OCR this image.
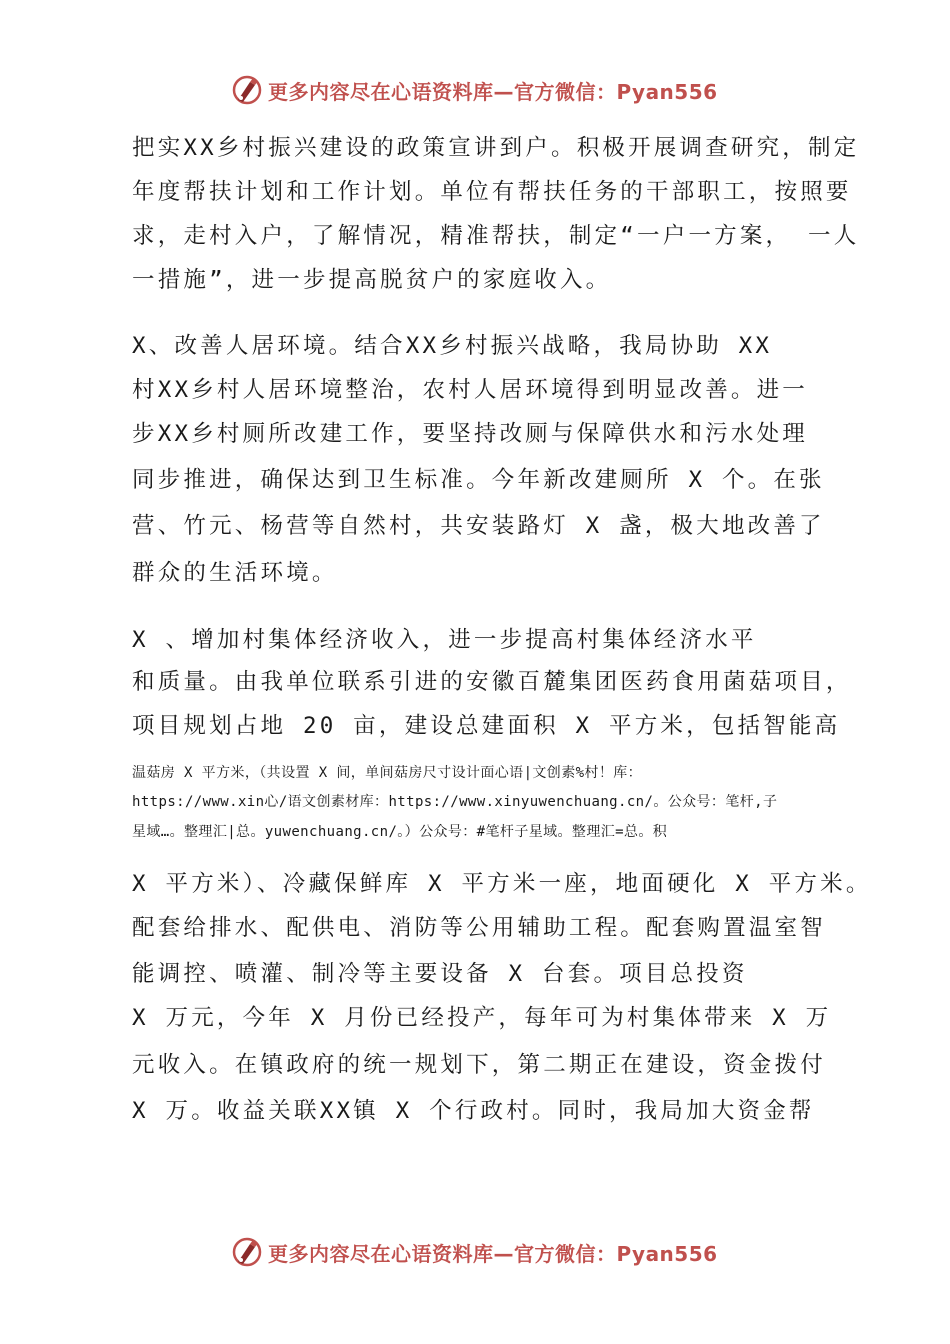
更多内容尽在心语资料库—官方微信：Pyan556
把实XX乡村振兴建设的政策宣讲到户。积极开展调查研究，制定
年度帮扶计划和工作计划。单位有帮扶任务的干部职工，按照要
求，走村入户，了解情况，精准帮扶，制定“一户一方案， 一人
一措施”，进一步提高脱贫户的家庭收入。
X、改善人居环境。结合XX乡村振兴战略，我局协助 XX
村XX乡村人居环境整治，农村人居环境得到明显改善。进一
步XX乡村厕所改建工作，要坚持改厕与保障供水和污水处理
同步推进，确保达到卫生标准。今年新改建厕所 X 个。在张
营、竹元、杨营等自然村，共安装路灯 X 盏，极大地改善了
群众的生活环境。
X 、增加村集体经济收入，进一步提高村集体经济水平
和质量。由我单位联系引进的安徽百麓集团医药食用菌菇项目，
项目规划占地 20 亩，建设总建面积 X 平方米，包括智能高
温菇房 X 平方米，（共设置 X 间，单间菇房尺寸设计面心语|文创素%村！库：
https://www.xin心/语文创素材库：https://www.xinyuwenchuang.cn/。公众号：笔杆,子
星域…。整理汇|总。yuwenchuang.cn/。）公众号：#笔杆子星域。整理汇=总。积
X 平方米）、冷藏保鲜库 X 平方米一座，地面硬化 X 平方米。
配套给排水、配供电、消防等公用辅助工程。配套购置温室智
能调控、喷灌、制冷等主要设备 X 台套。项目总投资
X 万元，今年 X 月份已经投产，每年可为村集体带来 X 万
元收入。在镇政府的统一规划下，第二期正在建设，资金拨付
X 万。收益关联XX镇 X 个行政村。同时，我局加大资金帮
更多内容尽在心语资料库—官方微信：Pyan556
